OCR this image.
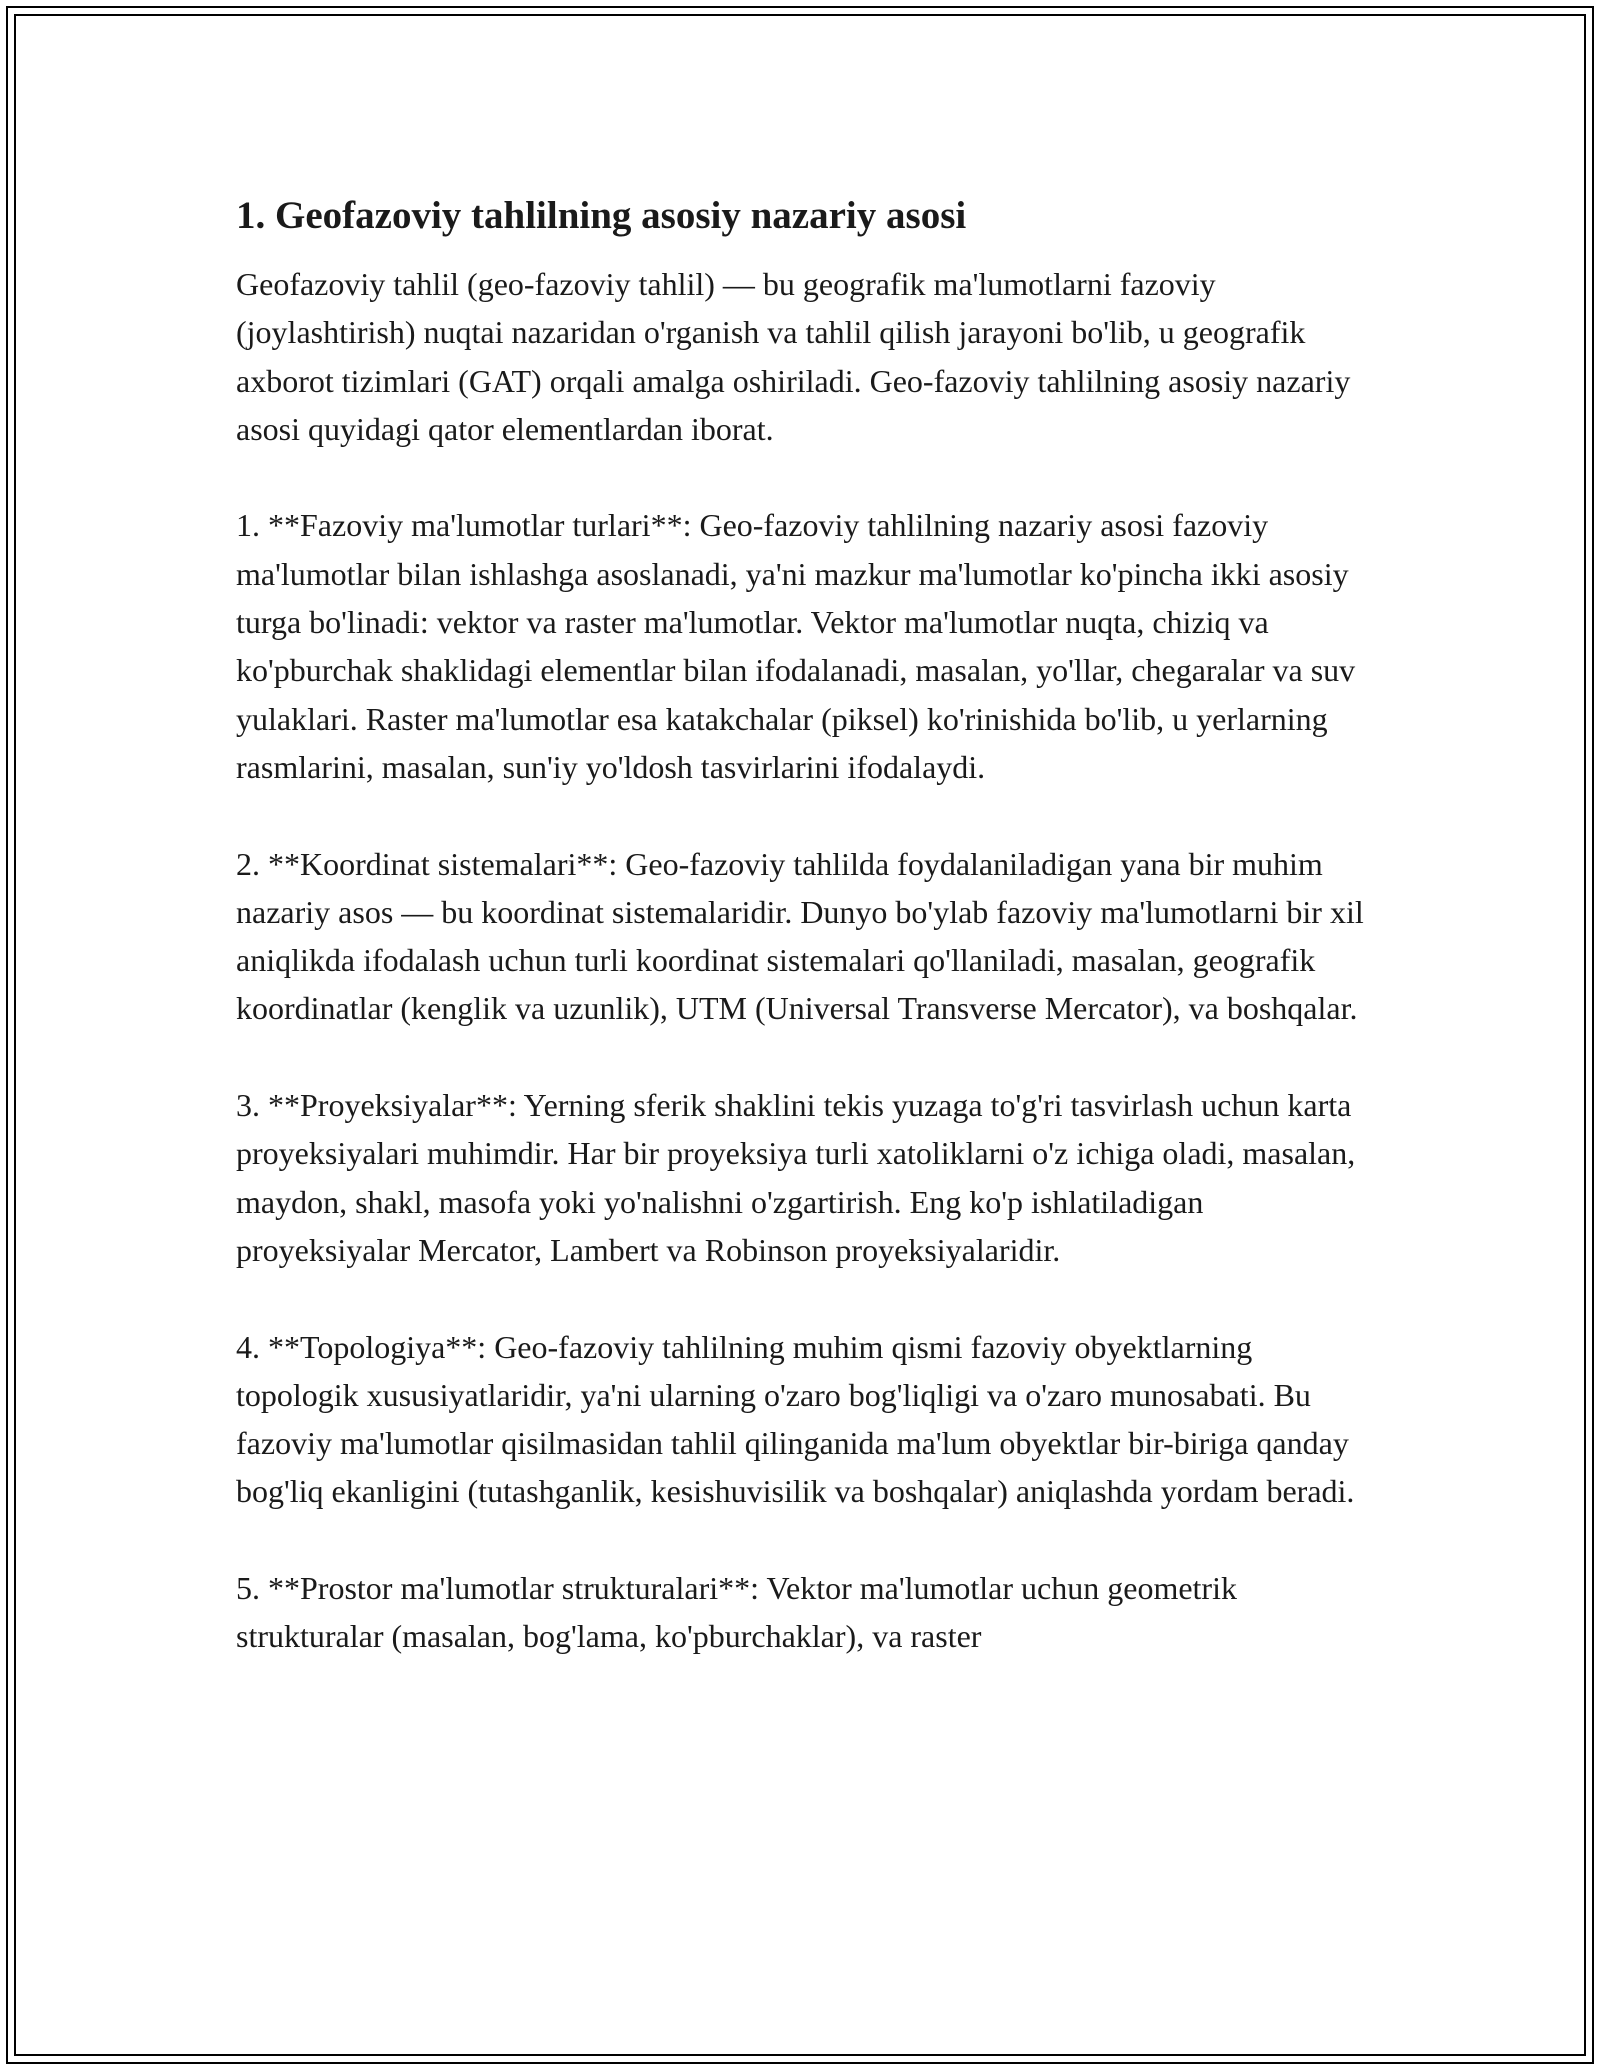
1. Geofazoviy tahlilning asosiy nazariy asosi

Geofazoviy tahlil (geo-fazoviy tahlil) — bu geografik ma'lumotlarni fazoviy (joylashtirish) nuqtai nazaridan o'rganish va tahlil qilish jarayoni bo'lib, u geografik axborot tizimlari (GAT) orqali amalga oshiriladi. Geo-fazoviy tahlilning asosiy nazariy asosi quyidagi qator elementlardan iborat.

1. **Fazoviy ma'lumotlar turlari**: Geo-fazoviy tahlilning nazariy asosi fazoviy ma'lumotlar bilan ishlashga asoslanadi, ya'ni mazkur ma'lumotlar ko'pincha ikki asosiy turga bo'linadi: vektor va raster ma'lumotlar. Vektor ma'lumotlar nuqta, chiziq va ko'pburchak shaklidagi elementlar bilan ifodalanadi, masalan, yo'llar, chegaralar va suv yulaklari. Raster ma'lumotlar esa katakchalar (piksel) ko'rinishida bo'lib, u yerlarning rasmlarini, masalan, sun'iy yo'ldosh tasvirlarini ifodalaydi.

2. **Koordinat sistemalari**: Geo-fazoviy tahlilda foydalaniladigan yana bir muhim nazariy asos — bu koordinat sistemalaridir. Dunyo bo'ylab fazoviy ma'lumotlarni bir xil aniqlikda ifodalash uchun turli koordinat sistemalari qo'llaniladi, masalan, geografik koordinatlar (kenglik va uzunlik), UTM (Universal Transverse Mercator), va boshqalar.

3. **Proyeksiyalar**: Yerning sferik shaklini tekis yuzaga to'g'ri tasvirlash uchun karta proyeksiyalari muhimdir. Har bir proyeksiya turli xatoliklarni o'z ichiga oladi, masalan, maydon, shakl, masofa yoki yo'nalishni o'zgartirish. Eng ko'p ishlatiladigan proyeksiyalar Mercator, Lambert va Robinson proyeksiyalaridir.

4. **Topologiya**: Geo-fazoviy tahlilning muhim qismi fazoviy obyektlarning topologik xususiyatlaridir, ya'ni ularning o'zaro bog'liqligi va o'zaro munosabati. Bu fazoviy ma'lumotlar qisilmasidan tahlil qilinganida ma'lum obyektlar bir-biriga qanday bog'liq ekanligini (tutashganlik, kesishuvisilik va boshqalar) aniqlashda yordam beradi.

5. **Prostor ma'lumotlar strukturalari**: Vektor ma'lumotlar uchun geometrik strukturalar (masalan, bog'lama, ko'pburchaklar), va raster
